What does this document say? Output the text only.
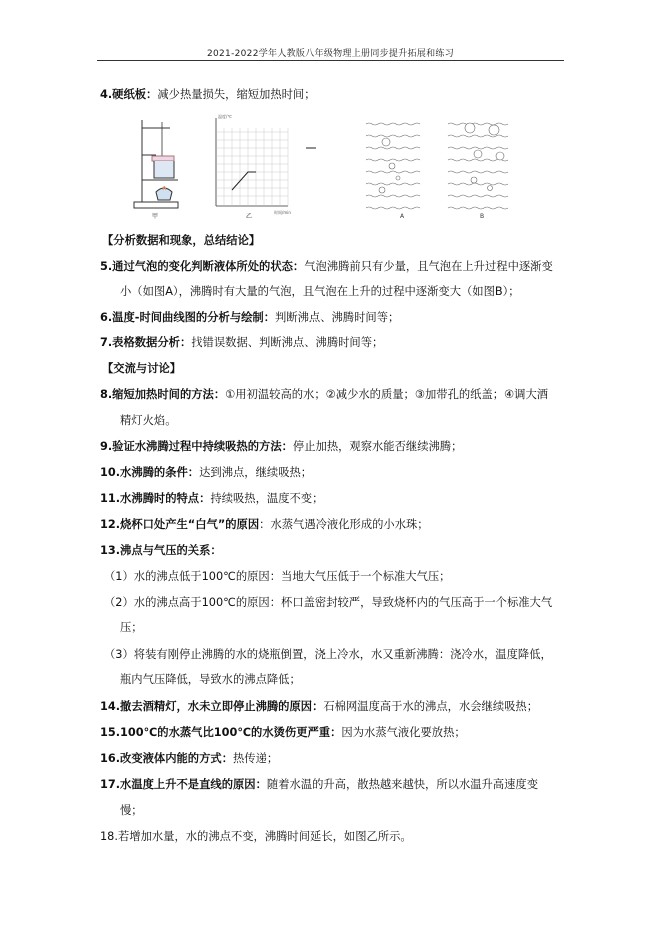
2021-2022学年人教版八年级物理上册同步提升拓展和练习
4.硬纸板：减少热量损失，缩短加热时间；
甲
温度/℃
时间/min
乙	A	B
【分析数据和现象，总结结论】
5.通过气泡的变化判断液体所处的状态：气泡沸腾前只有少量，且气泡在上升过程中逐渐变
小（如图A），沸腾时有大量的气泡，且气泡在上升的过程中逐渐变大（如图B）；
6.温度-时间曲线图的分析与绘制：判断沸点、沸腾时间等；
7.表格数据分析：找错误数据、判断沸点、沸腾时间等；
【交流与讨论】
8.缩短加热时间的方法：①用初温较高的水；②减少水的质量；③加带孔的纸盖；④调大酒
精灯火焰。
9.验证水沸腾过程中持续吸热的方法：停止加热，观察水能否继续沸腾；
10.水沸腾的条件：达到沸点，继续吸热；
11.水沸腾时的特点：持续吸热，温度不变；
12.烧杯口处产生“白气”的原因：水蒸气遇冷液化形成的小水珠；
13.沸点与气压的关系：
（1）水的沸点低于100℃的原因：当地大气压低于一个标准大气压；
（2）水的沸点高于100℃的原因：杯口盖密封较严，导致烧杯内的气压高于一个标准大气
压；
（3）将装有刚停止沸腾的水的烧瓶倒置，浇上冷水，水又重新沸腾：浇冷水，温度降低，
瓶内气压降低，导致水的沸点降低；
14.撤去酒精灯，水未立即停止沸腾的原因：石棉网温度高于水的沸点，水会继续吸热；
15.100℃的水蒸气比100℃的水烫伤更严重：因为水蒸气液化要放热；
16.改变液体内能的方式：热传递；
17.水温度上升不是直线的原因：随着水温的升高，散热越来越快，所以水温升高速度变
慢；
18.若增加水量，水的沸点不变，沸腾时间延长，如图乙所示。
